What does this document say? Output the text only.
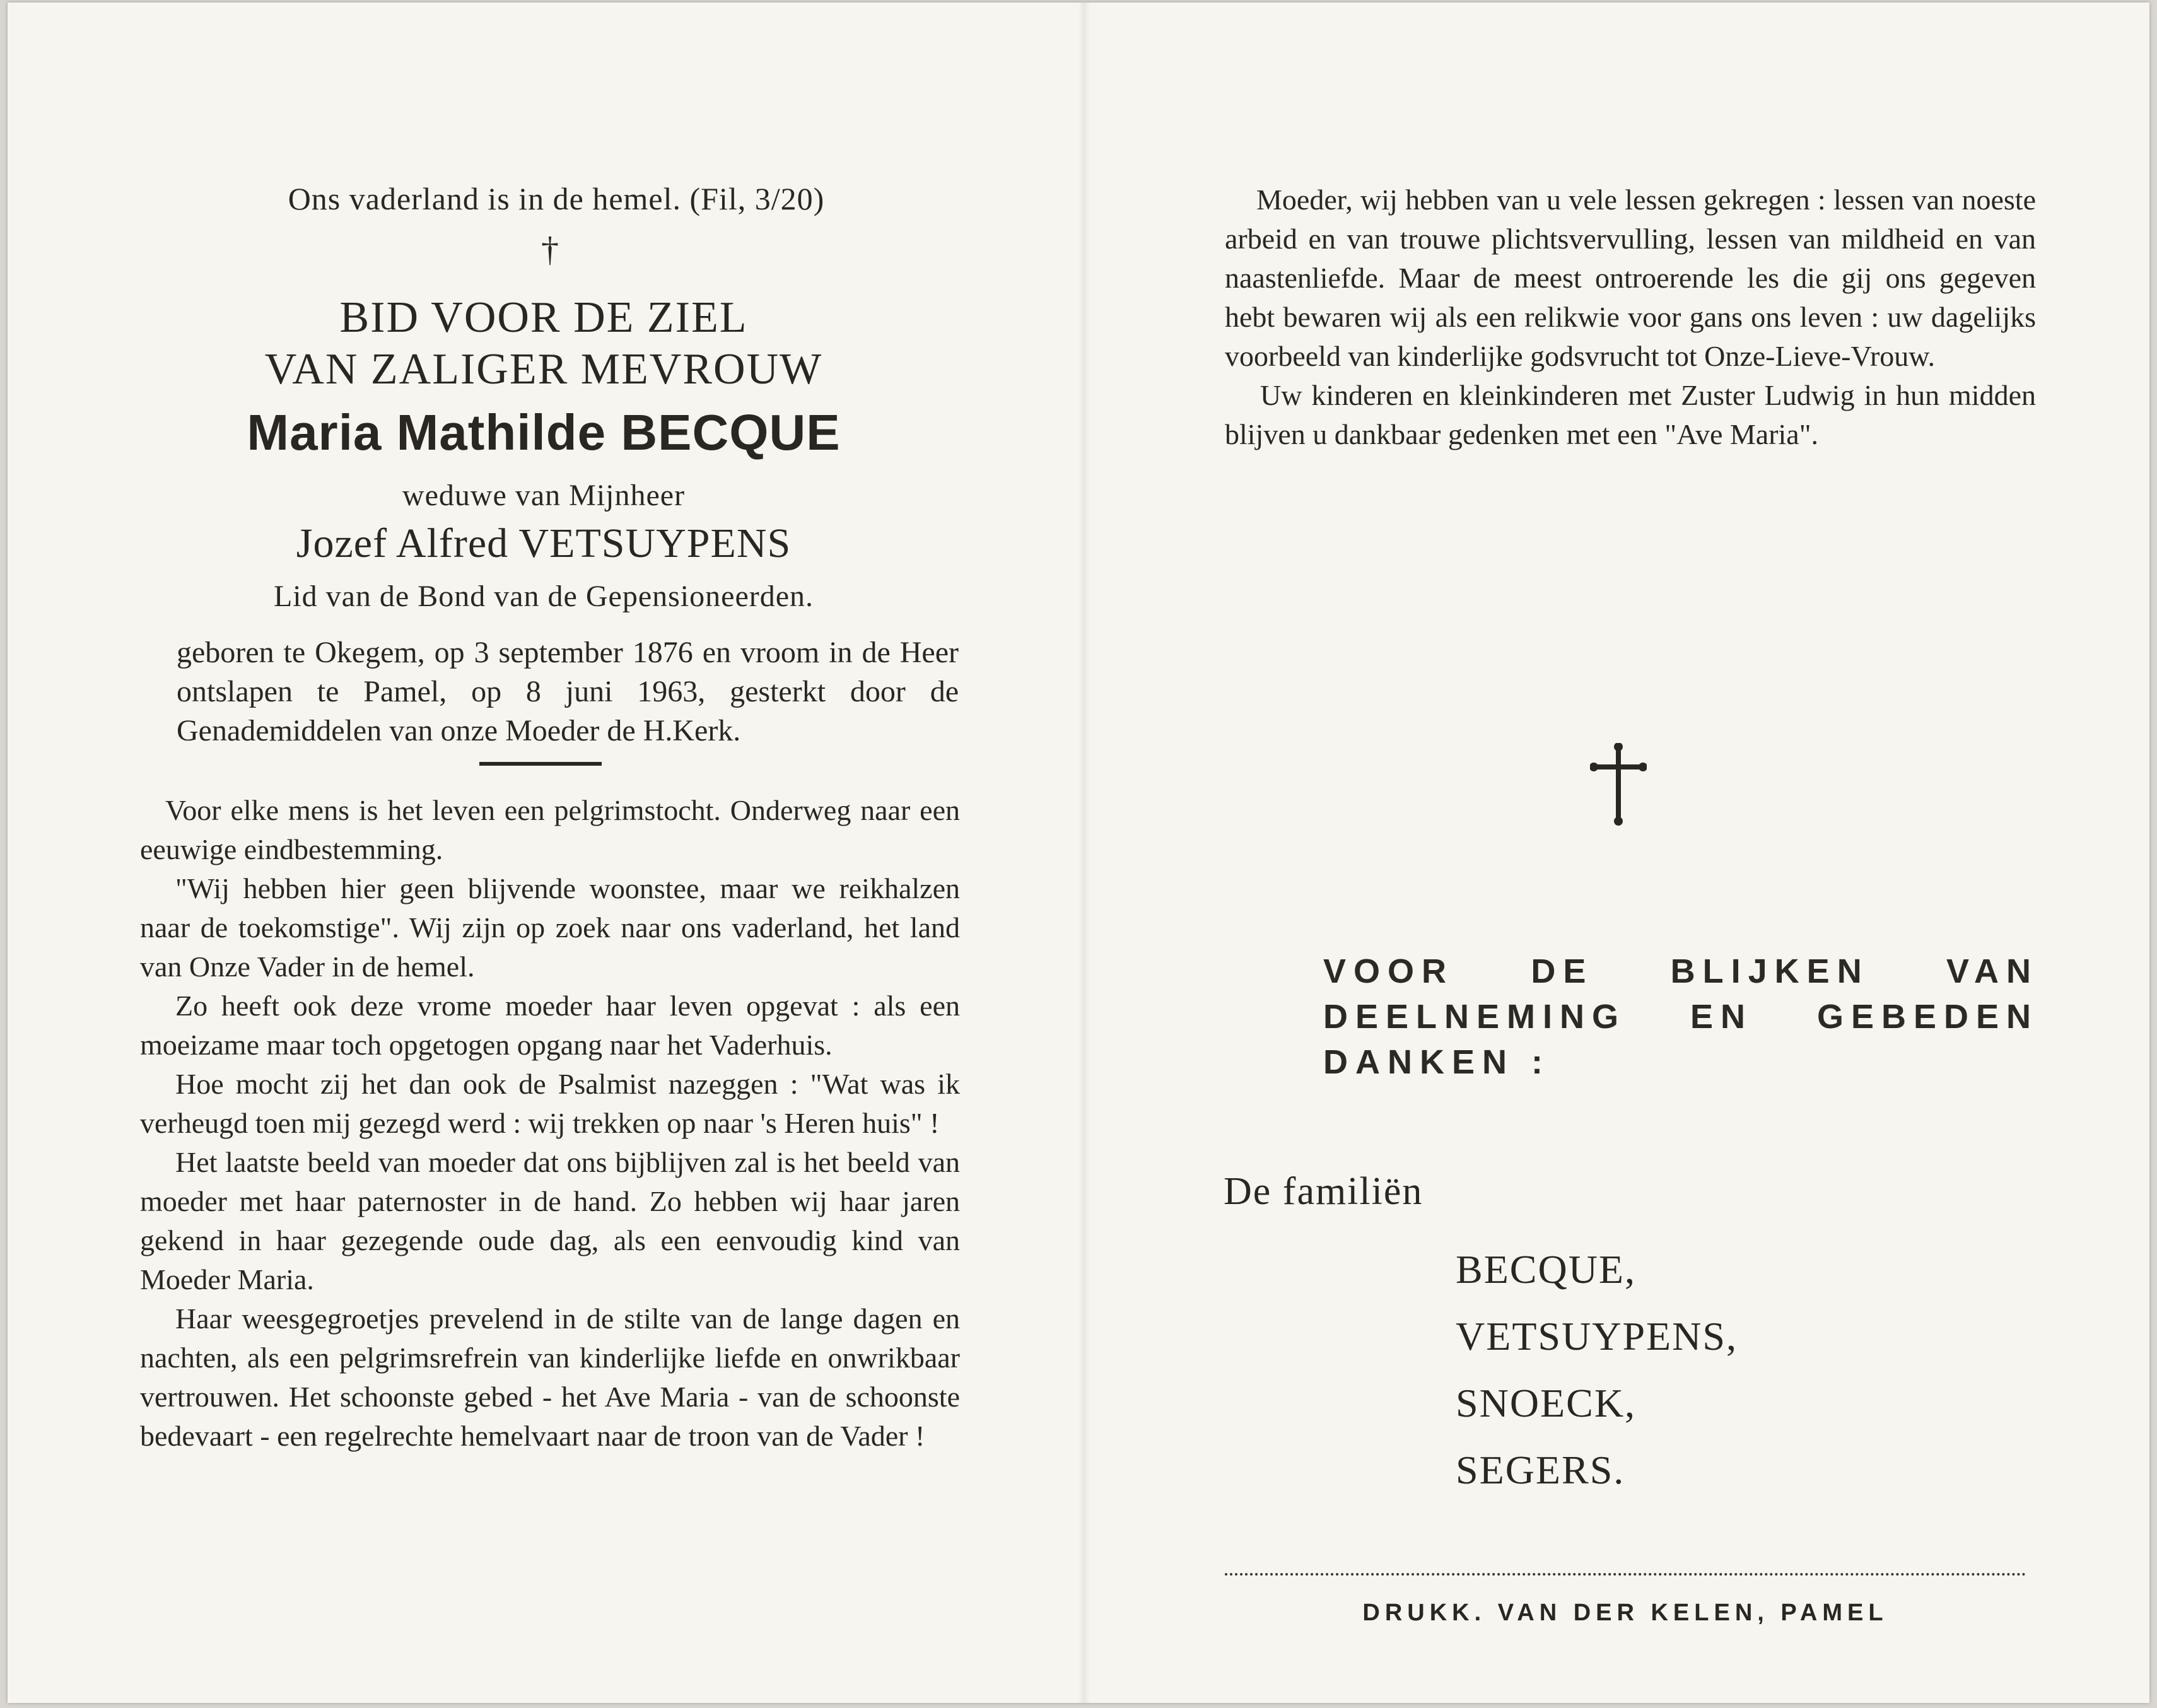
Ons vaderland is in de hemel. (Fil, 3/20)
†
BID VOOR DE ZIEL
VAN ZALIGER MEVROUW
Maria Mathilde BECQUE
weduwe van Mijnheer
Jozef Alfred VETSUYPENS
Lid van de Bond van de Gepensioneerden.
geboren te Okegem, op 3 september 1876 en vroom in de Heer ontslapen te Pamel, op 8 juni 1963, gesterkt door de Genademiddelen van onze Moeder de H.Kerk.

Voor elke mens is het leven een pelgrimstocht. Onderweg naar een eeuwige eindbestemming.

"Wij hebben hier geen blijvende woonstee, maar we reikhalzen naar de toekomstige". Wij zijn op zoek naar ons vaderland, het land van Onze Vader in de hemel.

Zo heeft ook deze vrome moeder haar leven opgevat : als een moeizame maar toch opgetogen opgang naar het Vaderhuis.

Hoe mocht zij het dan ook de Psalmist nazeggen : "Wat was ik verheugd toen mij gezegd werd : wij trekken op naar 's Heren huis" !

Het laatste beeld van moeder dat ons bijblijven zal is het beeld van moeder met haar paternoster in de hand. Zo hebben wij haar jaren gekend in haar gezegende oude dag, als een eenvoudig kind van Moeder Maria.

Haar weesgegroetjes prevelend in de stilte van de lange dagen en nachten, als een pelgrimsrefrein van kinderlijke liefde en onwrikbaar vertrouwen. Het schoonste gebed - het Ave Maria - van de schoonste bedevaart - een regelrechte hemelvaart naar de troon van de Vader !

Moeder, wij hebben van u vele lessen gekregen : lessen van noeste arbeid en van trouwe plichtsvervulling, lessen van mildheid en van naastenliefde. Maar de meest ontroerende les die gij ons gegeven hebt bewaren wij als een relikwie voor gans ons leven : uw dagelijks voorbeeld van kinderlijke godsvrucht tot Onze-Lieve-Vrouw.

Uw kinderen en kleinkinderen met Zuster Ludwig in hun midden blijven u dankbaar gedenken met een "Ave Maria".

VOOR DE BLIJKEN VAN DEELNEMING EN GEBEDEN DANKEN :
De familiën
BECQUE,
VETSUYPENS,
SNOECK,
SEGERS.
DRUKK. VAN DER KELEN, PAMEL
